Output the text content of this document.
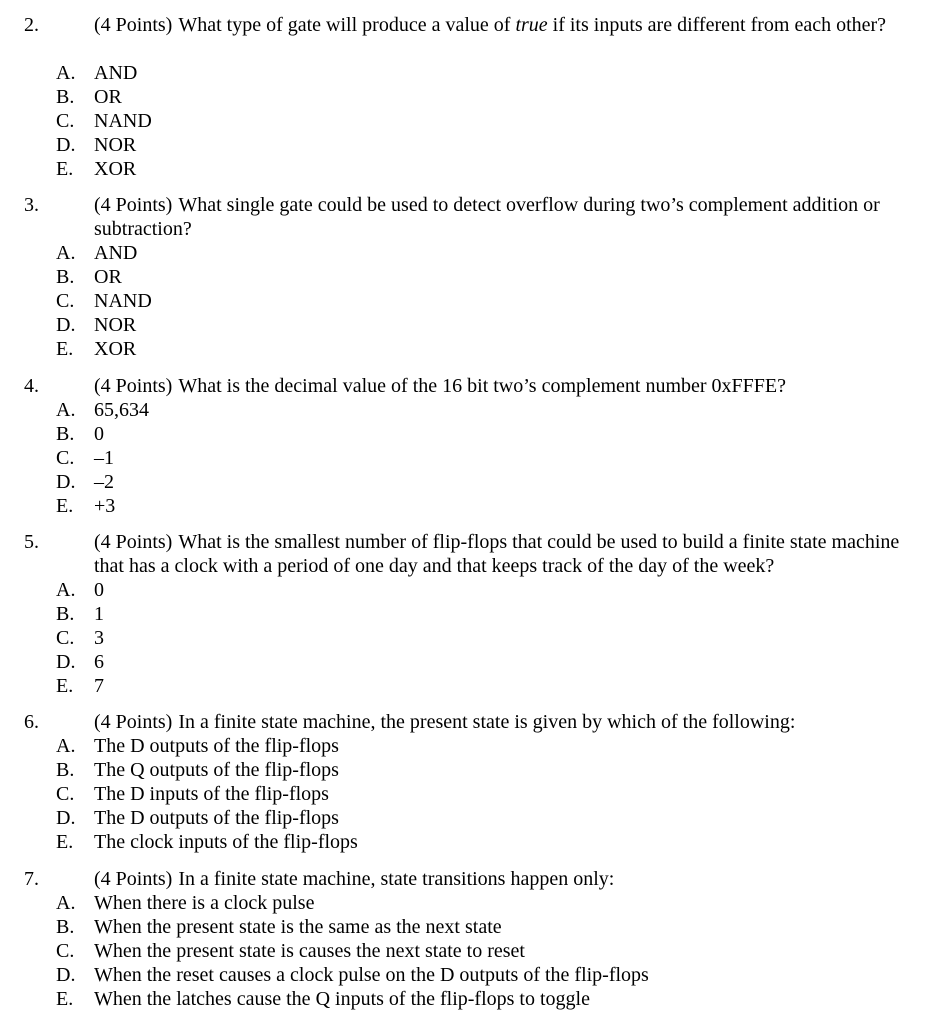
2.	(4 Points) What type of gate will produce a value of true if its inputs are different from each other?
A. AND
B. OR
C. NAND
D. NOR
E. XOR
3.	(4 Points) What single gate could be used to detect overflow during two’s complement addition or subtraction?
A. AND
B. OR
C. NAND
D. NOR
E. XOR
4.	(4 Points) What is the decimal value of the 16 bit two’s complement number 0xFFFE?
A. 65,634
B. 0
C. –1
D. –2
E. +3
5.	(4 Points) What is the smallest number of flip-flops that could be used to build a finite state machine that has a clock with a period of one day and that keeps track of the day of the week?
A. 0
B. 1
C. 3
D. 6
E. 7
6.	(4 Points) In a finite state machine, the present state is given by which of the following:
A. The D outputs of the flip-flops
B. The Q outputs of the flip-flops
C. The D inputs of the flip-flops
D. The D outputs of the flip-flops
E. The clock inputs of the flip-flops
7.	(4 Points) In a finite state machine, state transitions happen only:
A. When there is a clock pulse
B. When the present state is the same as the next state
C. When the present state is causes the next state to reset
D. When the reset causes a clock pulse on the D outputs of the flip-flops
E. When the latches cause the Q inputs of the flip-flops to toggle
